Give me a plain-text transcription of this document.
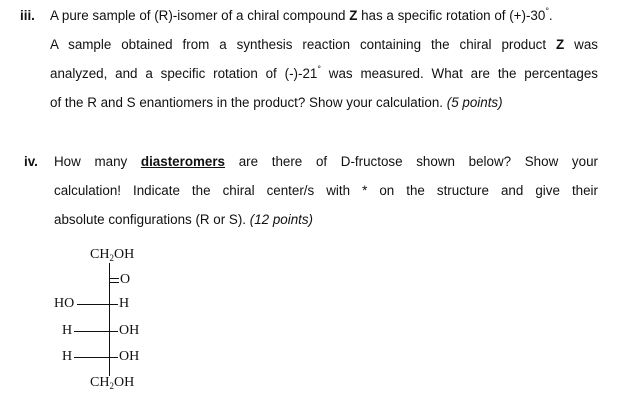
iii. A pure sample of (R)-isomer of a chiral compound Z has a specific rotation of (+)-30°.
A sample obtained from a synthesis reaction containing the chiral product Z was
analyzed, and a specific rotation of (-)-21° was measured. What are the percentages
of the R and S enantiomers in the product? Show your calculation. (5 points)
iv. How many diasteromers are there of D-fructose shown below? Show your
calculation! Indicate the chiral center/s with * on the structure and give their
absolute configurations (R or S). (12 points)
$CH_2OH$
O
HO	H
H	OH
H	OH
$CH_2OH$
